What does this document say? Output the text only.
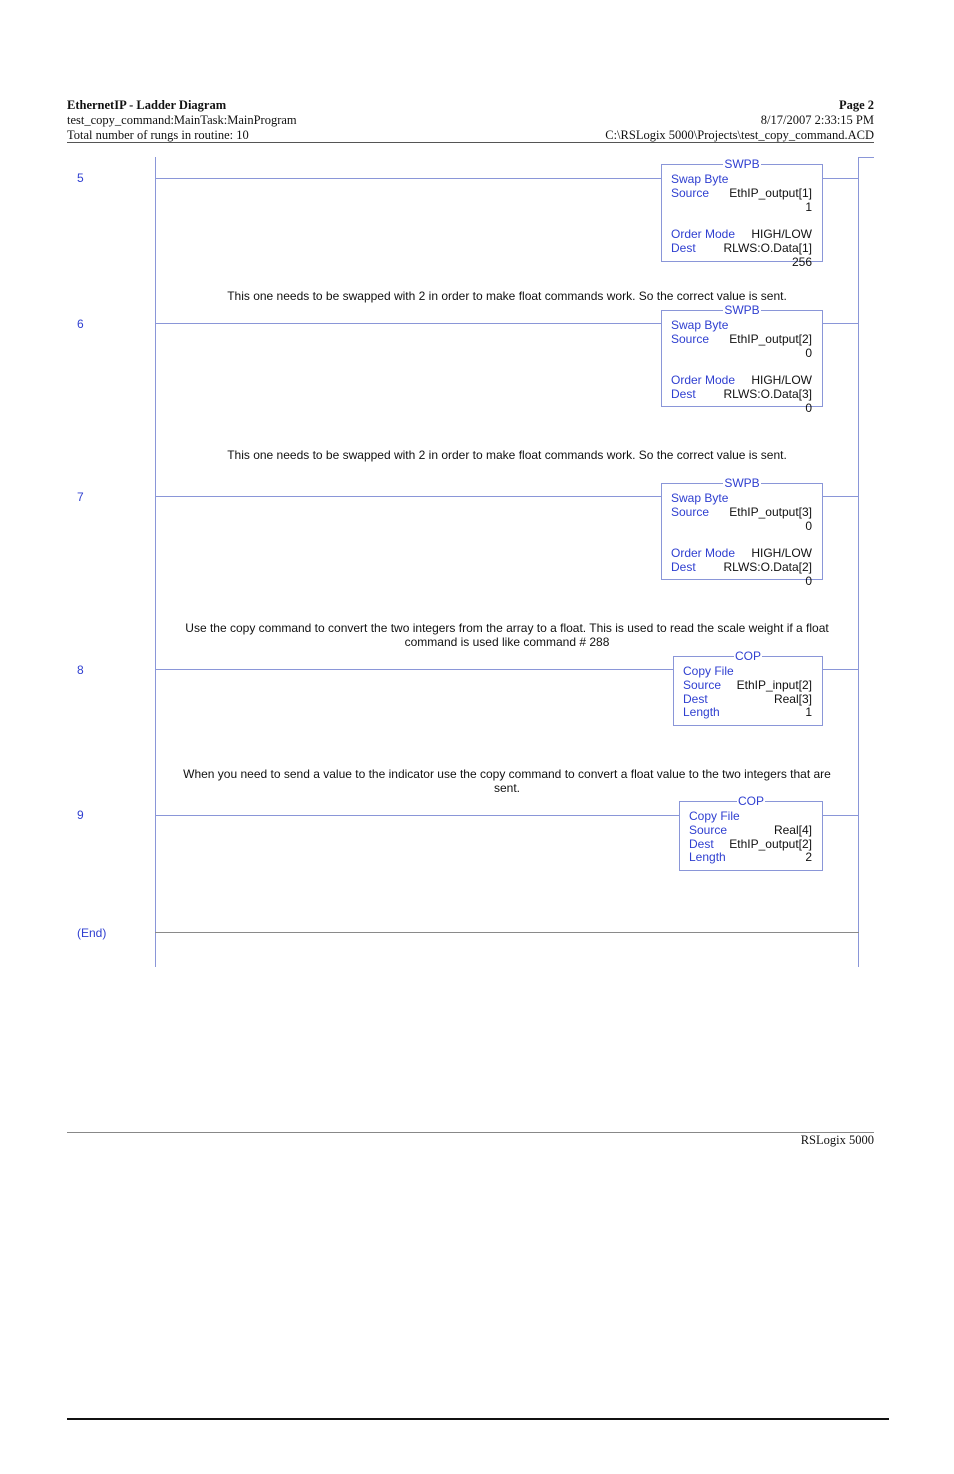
EthernetIP - Ladder Diagram
test_copy_command:MainTask:MainProgram
Total number of rungs in routine: 10
Page 2
8/17/2007 2:33:15 PM
C:\RSLogix 5000\Projects\test_copy_command.ACD
5
SWPB
Swap Byte
Source EthIP_output[1]
1
Order Mode HIGH/LOW
Dest RLWS:O.Data[1]
256
This one needs to be swapped with 2 in order to make float commands work. So the correct value is sent.
6
SWPB
Swap Byte
Source EthIP_output[2]
0
Order Mode HIGH/LOW
Dest RLWS:O.Data[3]
0
This one needs to be swapped with 2 in order to make float commands work. So the correct value is sent.
7
SWPB
Swap Byte
Source EthIP_output[3]
0
Order Mode HIGH/LOW
Dest RLWS:O.Data[2]
0
Use the copy command to convert the two integers from the array to a float. This is used to read the scale weight if a float
command is used like command # 288
8
COP
Copy File
Source EthIP_input[2]
Dest	Real[3]
Length	1
When you need to send a value to the indicator use the copy command to convert a float value to the two integers that are
sent.
9
COP
Copy File
Source	Real[4]
Dest EthIP_output[2]
Length	2
(End)
RSLogix 5000
